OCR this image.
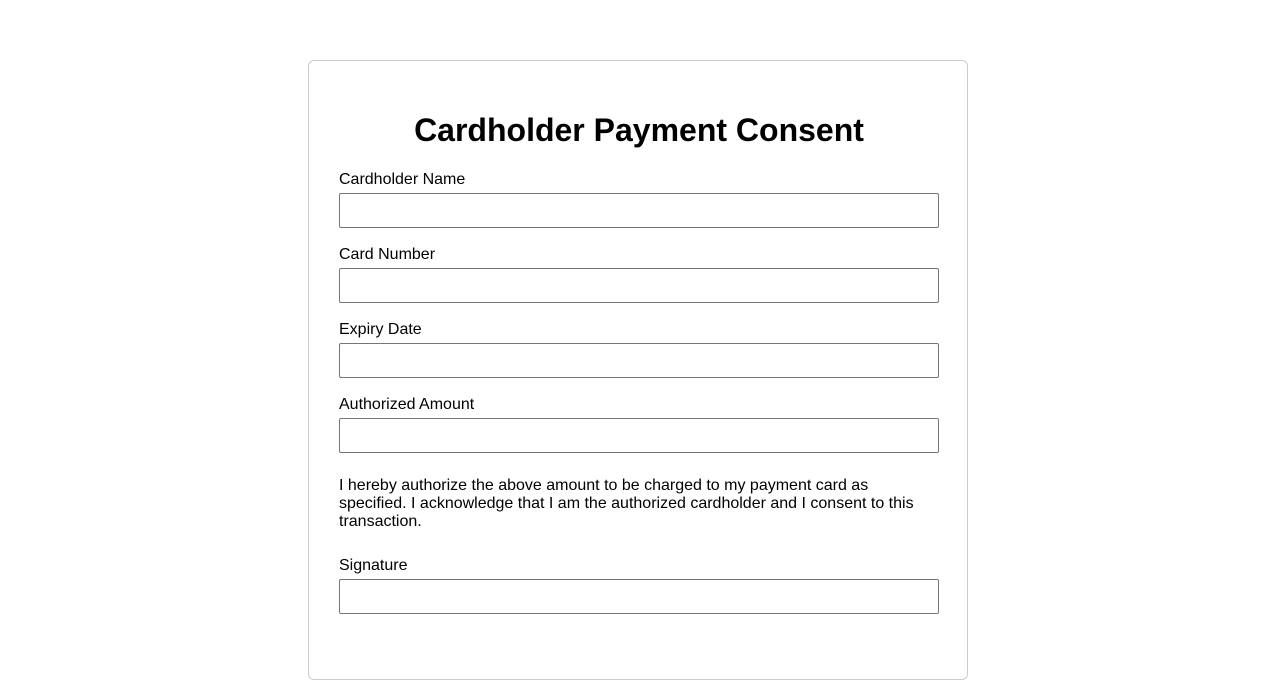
Cardholder Payment Consent
Cardholder Name
Card Number
Expiry Date
Authorized Amount

I hereby authorize the above amount to be charged to my payment card as specified. I acknowledge that I am the authorized cardholder and I consent to this transaction.

Signature
